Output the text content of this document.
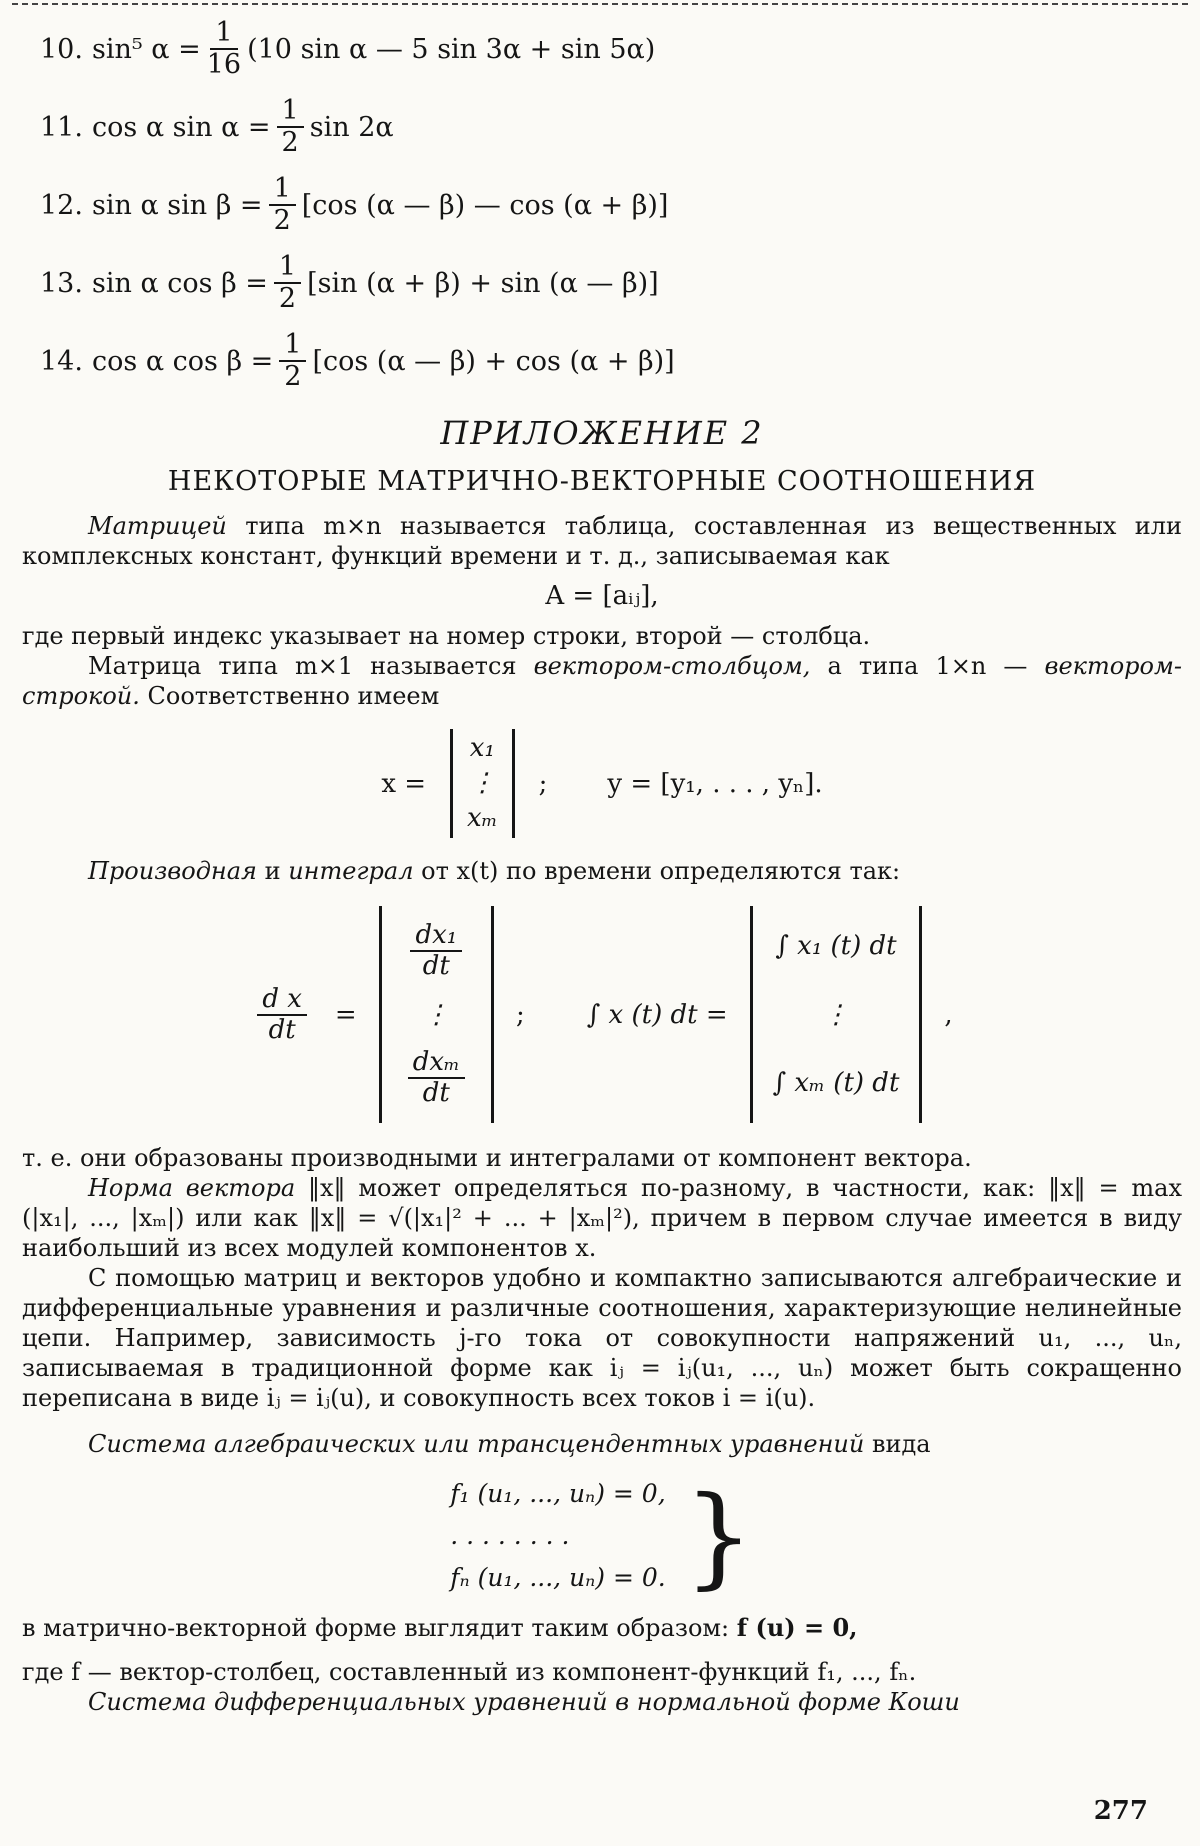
10. sin⁵ α =
1
16 (10 sin α — 5 sin 3α + sin 5α)
11. cos α sin α =
1
2 sin 2α
12. sin α sin β =
1
2 [cos (α — β) — cos (α + β)]
13. sin α cos β =
1
2 [sin (α + β) + sin (α — β)]
14. cos α cos β =
1
2 [cos (α — β) + cos (α + β)]
ПРИЛОЖЕНИЕ 2
НЕКОТОРЫЕ МАТРИЧНО-ВЕКТОРНЫЕ СООТНОШЕНИЯ

Матрицей типа m×n называется таблица, составленная из вещественных или комплексных констант, функций времени и т. д., записываемая как

A = [aᵢⱼ],

где первый индекс указывает на номер строки, второй — столбца.

Матрица типа m×1 называется вектором-столбцом, а типа 1×n — вектором-строкой. Соответственно имеем

x =
x₁
⋮
xₘ
; y = [y₁, . . . , yₙ].

Производная и интеграл от x(t) по времени определяются так:

d x
dt =
dx₁
dt
⋮
dxₘ
dt
; ∫ x (t) dt =
∫ x₁ (t) dt
⋮
∫ xₘ (t) dt
,

т. е. они образованы производными и интегралами от компонент вектора.

Норма вектора ‖x‖ может определяться по-разному, в частности, как: ‖x‖ = max (|x₁|, ..., |xₘ|) или как ‖x‖ = √(|x₁|² + ... + |xₘ|²), причем в первом случае имеется в виду наибольший из всех модулей компонентов x.

С помощью матриц и векторов удобно и компактно записываются алгебраические и дифференциальные уравнения и различные соотношения, характеризующие нелинейные цепи. Например, зависимость j-го тока от совокупности напряжений u₁, ..., uₙ, записываемая в традиционной форме как iⱼ = iⱼ(u₁, ..., uₙ) может быть сокращенно переписана в виде iⱼ = iⱼ(u), и совокупность всех токов i = i(u).

Система алгебраических или трансцендентных уравнений вида

f₁ (u₁, ..., uₙ) = 0,
. . . . . . . .
fₙ (u₁, ..., uₙ) = 0. }

в матрично-векторной форме выглядит таким образом: f (u) = 0,

где f — вектор-столбец, составленный из компонент-функций f₁, ..., fₙ.

Система дифференциальных уравнений в нормальной форме Коши

277
